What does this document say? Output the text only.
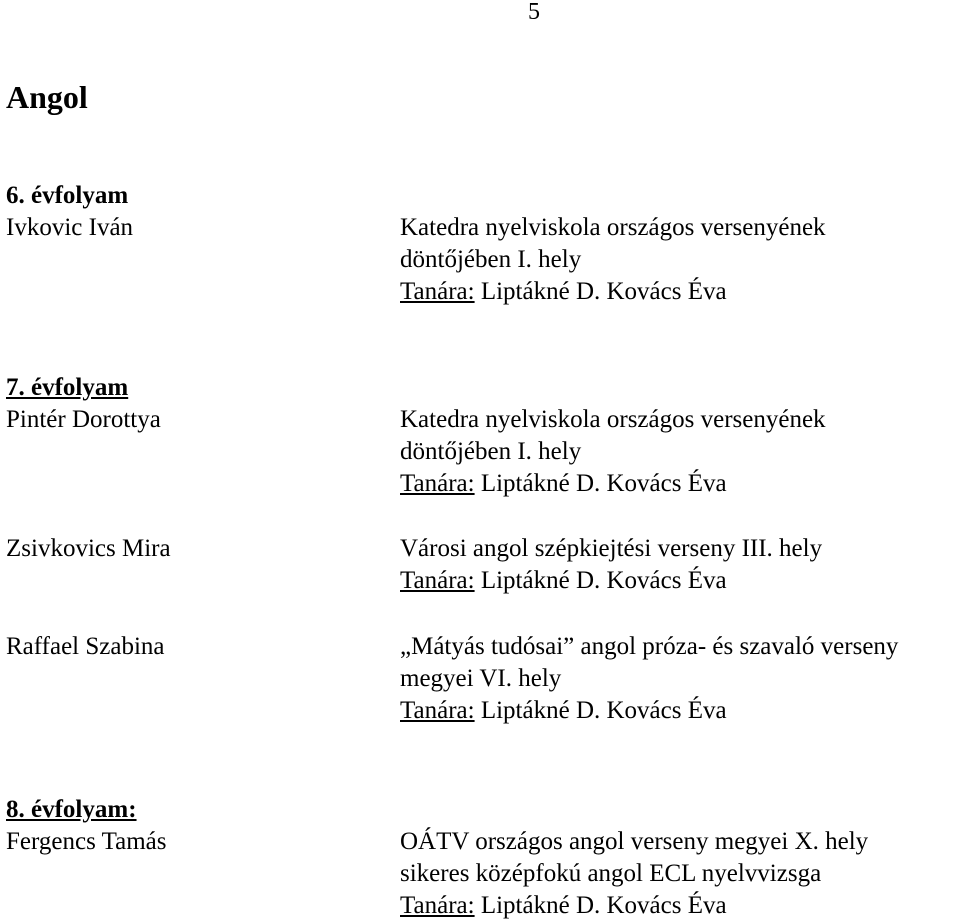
5
Angol
6. évfolyam
Ivkovic Iván	Katedra nyelviskola országos versenyének
döntőjében I. hely
Tanára: Liptákné D. Kovács Éva
7. évfolyam
Pintér Dorottya	Katedra nyelviskola országos versenyének
döntőjében I. hely
Tanára: Liptákné D. Kovács Éva
Zsivkovics Mira	Városi angol szépkiejtési verseny III. hely
Tanára: Liptákné D. Kovács Éva
Raffael Szabina	„Mátyás tudósai” angol próza- és szavaló verseny
megyei VI. hely
Tanára: Liptákné D. Kovács Éva
8. évfolyam:
Fergencs Tamás	OÁTV országos angol verseny megyei X. hely
sikeres középfokú angol ECL nyelvvizsga
Tanára: Liptákné D. Kovács Éva
